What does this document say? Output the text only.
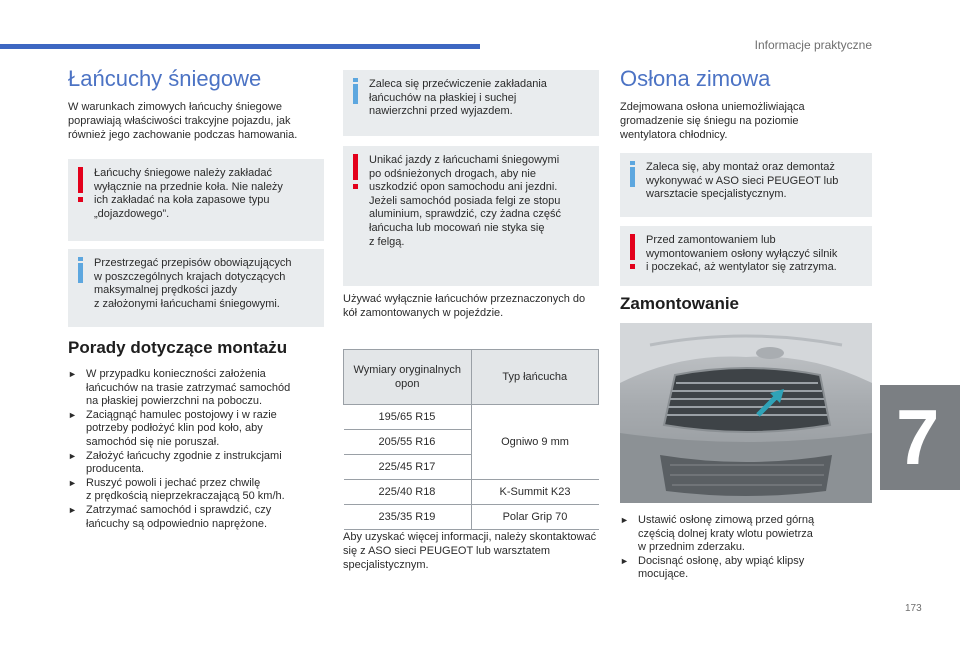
Informacje praktyczne
Łańcuchy śniegowe

W warunkach zimowych łańcuchy śniegowe poprawiają właściwości trakcyjne pojazdu, jak również jego zachowanie podczas hamowania.

Łańcuchy śniegowe należy zakładać
wyłącznie na przednie koła. Nie należy
ich zakładać na koła zapasowe typu
„dojazdowego”.

Przestrzegać przepisów obowiązujących
w poszczególnych krajach dotyczących
maksymalnej prędkości jazdy
z założonymi łańcuchami śniegowymi.

Porady dotyczące montażu
► W przypadku konieczności założenia
łańcuchów na trasie zatrzymać samochód
na płaskiej powierzchni na poboczu.
► Zaciągnąć hamulec postojowy i w razie
potrzeby podłożyć klin pod koło, aby
samochód się nie poruszał.
► Założyć łańcuchy zgodnie z instrukcjami
producenta.
► Ruszyć powoli i jechać przez chwilę
z prędkością nieprzekraczającą 50 km/h.
► Zatrzymać samochód i sprawdzić, czy
łańcuchy są odpowiednio naprężone.

Zaleca się przećwiczenie zakładania
łańcuchów na płaskiej i suchej
nawierzchni przed wyjazdem.

Unikać jazdy z łańcuchami śniegowymi
po odśnieżonych drogach, aby nie
uszkodzić opon samochodu ani jezdni.
Jeżeli samochód posiada felgi ze stopu
aluminium, sprawdzić, czy żadna część
łańcucha lub mocowań nie styka się
z felgą.

Używać wyłącznie łańcuchów przeznaczonych do kół zamontowanych w pojeździe.

Wymiary oryginalnych opon	Typ łańcucha
195/65 R15	Ogniwo 9 mm
205/55 R16	
225/45 R17	
225/40 R18	K-Summit K23
235/35 R19	Polar Grip 70

Aby uzyskać więcej informacji, należy skontaktować się z ASO sieci PEUGEOT lub warsztatem specjalistycznym.

Osłona zimowa

Zdejmowana osłona uniemożliwiająca gromadzenie się śniegu na poziomie wentylatora chłodnicy.

Zaleca się, aby montaż oraz demontaż
wykonywać w ASO sieci PEUGEOT lub
warsztacie specjalistycznym.

Przed zamontowaniem lub
wymontowaniem osłony wyłączyć silnik
i poczekać, aż wentylator się zatrzyma.

Zamontowanie
► Ustawić osłonę zimową przed górną
częścią dolnej kraty wlotu powietrza
w przednim zderzaku.
► Docisnąć osłonę, aby wpiąć klipsy
mocujące.
7
173
